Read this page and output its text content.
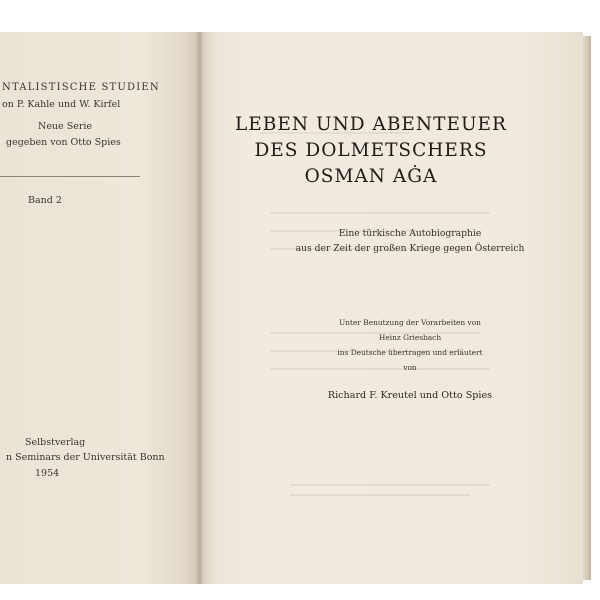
NTALISTISCHE STUDIEN
on P. Kahle und W. Kirfel
Neue Serie
gegeben von Otto Spies
Band 2
Selbstverlag
n Seminars der Universität Bonn
1954
LEBEN UND ABENTEUER
DES DOLMETSCHERS
OSMAN AĠA
Eine türkische Autobiographie
aus der Zeit der großen Kriege gegen Österreich
Unter Benutzung der Vorarbeiten von
Heinz Griesbach
ins Deutsche übertragen und erläutert
von
Richard F. Kreutel und Otto Spies
